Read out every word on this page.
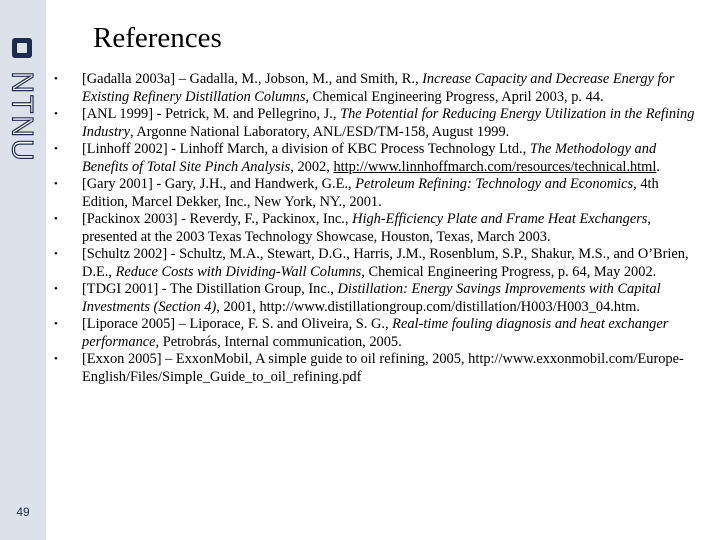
NTNU
49
References
•	[Gadalla 2003a] – Gadalla, M., Jobson, M., and Smith, R., Increase Capacity and Decrease Energy for Existing Refinery Distillation Columns, Chemical Engineering Progress, April 2003, p. 44.
•	[ANL 1999] - Petrick, M. and Pellegrino, J., The Potential for Reducing Energy Utilization in the Refining Industry, Argonne National Laboratory, ANL/ESD/TM-158, August 1999.
•	[Linhoff 2002] - Linhoff March, a division of KBC Process Technology Ltd., The Methodology and Benefits of Total Site Pinch Analysis, 2002, http://www.linnhoffmarch.com/resources/technical.html.
•	[Gary 2001] - Gary, J.H., and Handwerk, G.E., Petroleum Refining: Technology and Economics, 4th Edition, Marcel Dekker, Inc., New York, NY., 2001.
•	[Packinox 2003] - Reverdy, F., Packinox, Inc., High-Efficiency Plate and Frame Heat Exchangers, presented at the 2003 Texas Technology Showcase, Houston, Texas, March 2003.
•	[Schultz 2002] - Schultz, M.A., Stewart, D.G., Harris, J.M., Rosenblum, S.P., Shakur, M.S., and O’Brien, D.E., Reduce Costs with Dividing-Wall Columns, Chemical Engineering Progress, p. 64, May 2002.
•	[TDGI 2001] - The Distillation Group, Inc., Distillation: Energy Savings Improvements with Capital Investments (Section 4), 2001, http://www.distillationgroup.com/distillation/H003/H003_04.htm.
•	[Liporace 2005] – Liporace, F. S. and Oliveira, S. G., Real-time fouling diagnosis and heat exchanger performance, Petrobrás, Internal communication, 2005.
•	[Exxon 2005] – ExxonMobil, A simple guide to oil refining, 2005, http://www.exxonmobil.com/Europe-English/Files/Simple_Guide_to_oil_refining.pdf
